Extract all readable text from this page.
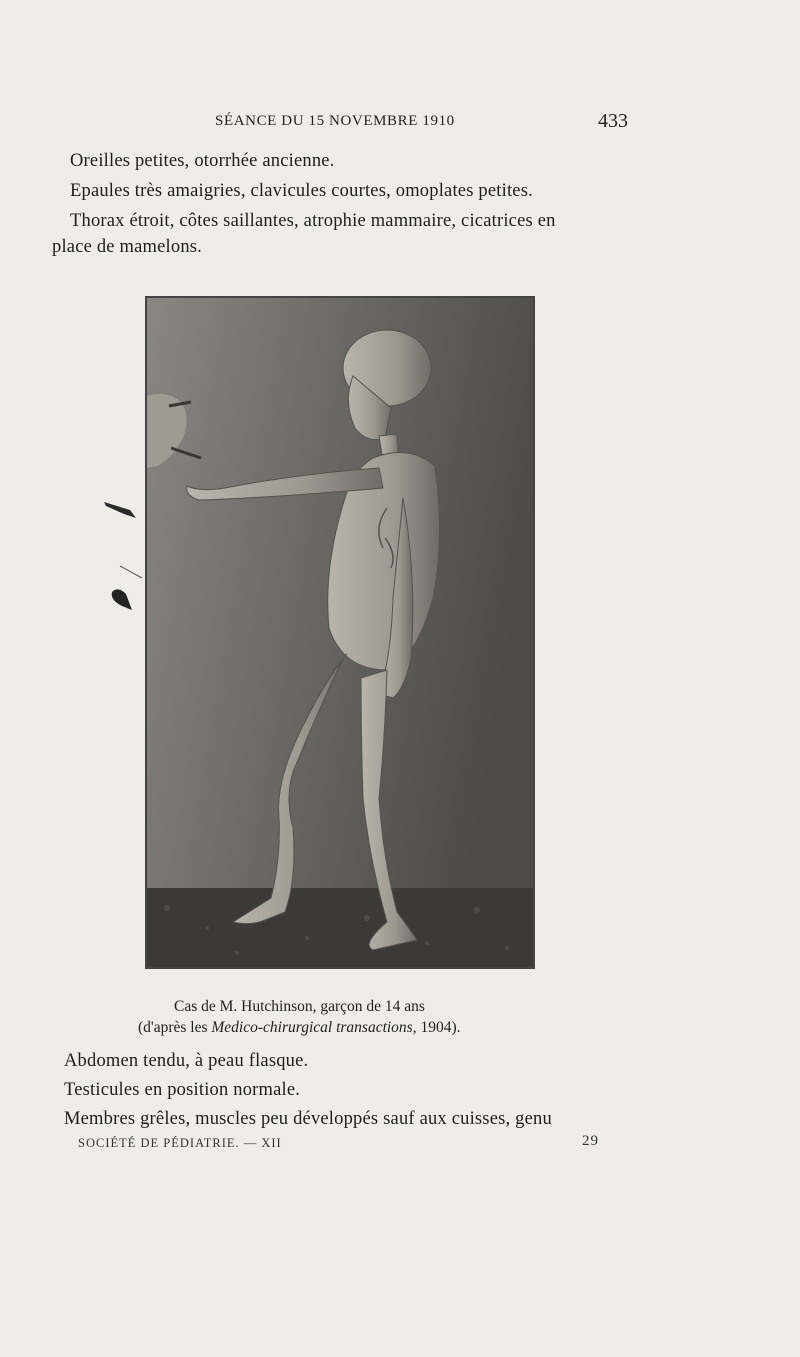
SÉANCE DU 15 NOVEMBRE 1910	433
Oreilles petites, otorrhée ancienne.
Epaules très amaigries, clavicules courtes, omoplates petites.
Thorax étroit, côtes saillantes, atrophie mammaire, cicatrices en
place de mamelons.
Cas de M. Hutchinson, garçon de 14 ans
(d'après les Medico-chirurgical transactions, 1904).
Abdomen tendu, à peau flasque.
Testicules en position normale.
Membres grêles, muscles peu développés sauf aux cuisses, genu
SOCIÉTÉ DE PÉDIATRIE. — XII	29
